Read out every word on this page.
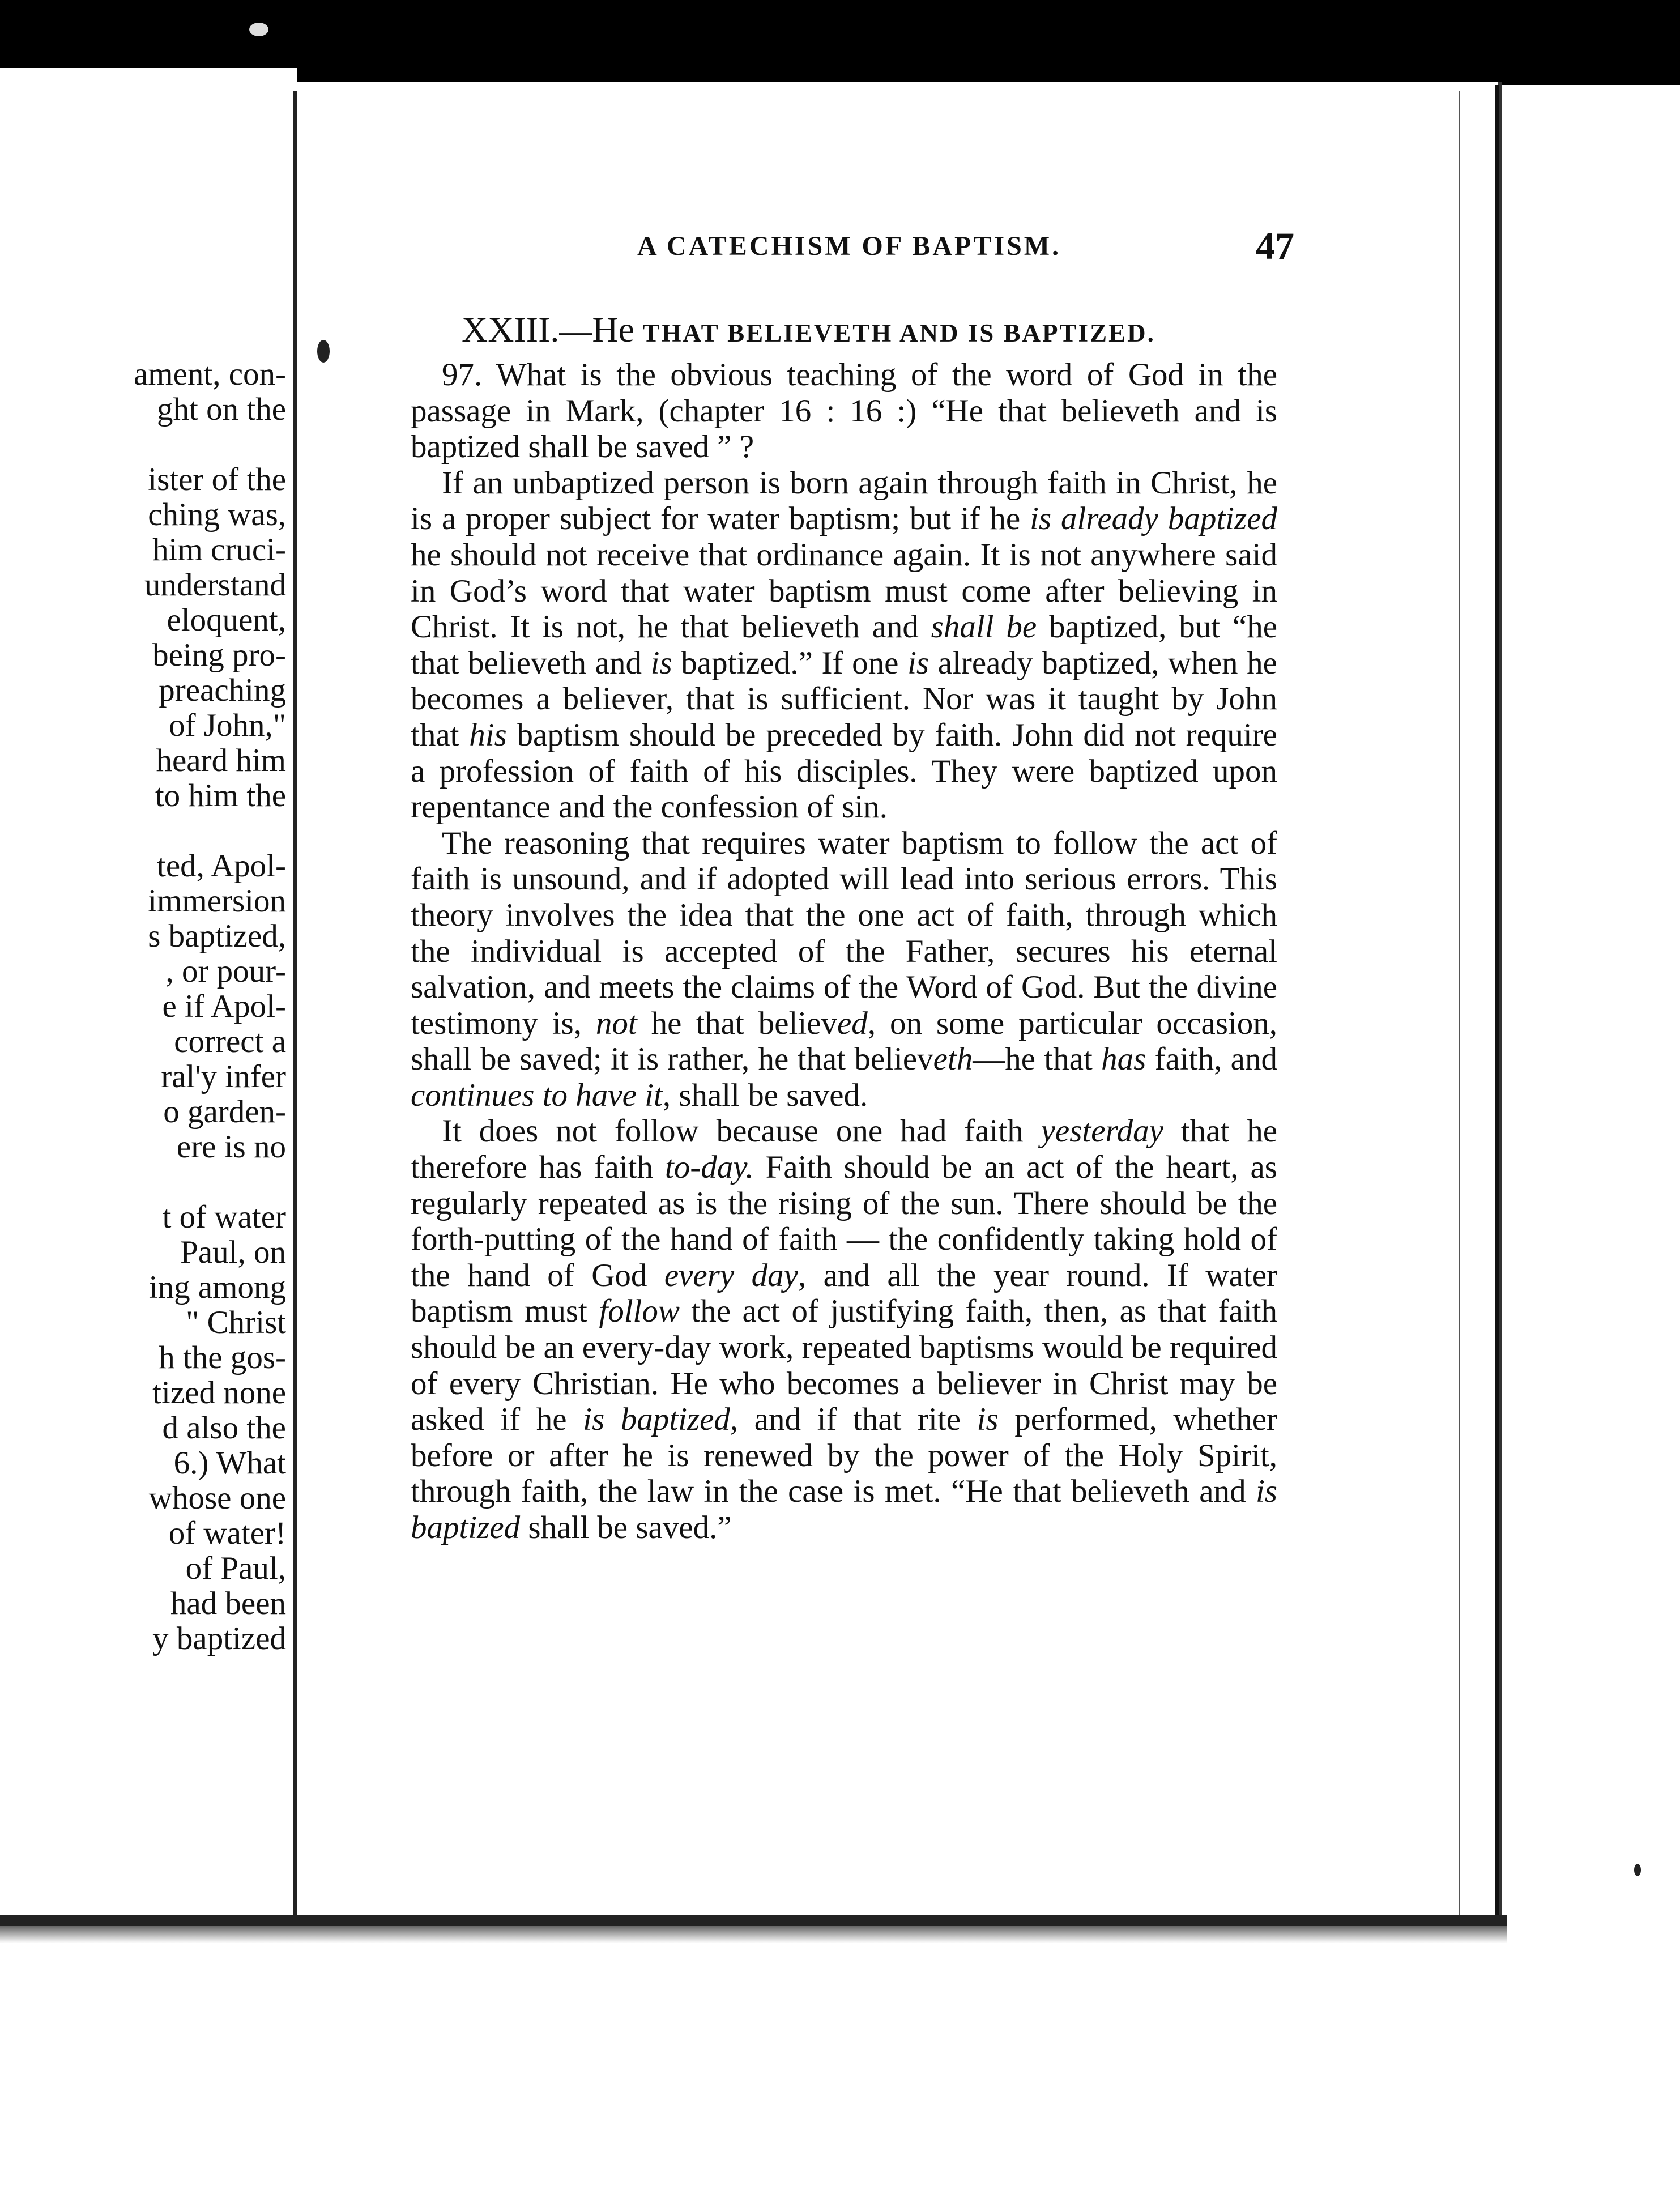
ament, con-
ght on the
ister of the
ching was,
him cruci-
understand
eloquent,
being pro-
preaching
of John,"
heard him
to him the
ted, Apol-
immersion
s baptized,
, or pour-
e if Apol-
correct a
ral'y infer
o garden-
ere is no
t of water
Paul, on
ing among
" Christ
h the gos-
tized none
d also the
6.) What
whose one
of water!
of Paul,
had been
y baptized
A CATECHISM OF BAPTISM.	47
XXIII.—He THAT BELIEVETH AND IS BAPTIZED.

97. What is the obvious teaching of the word of God in the passage in Mark, (chapter 16 : 16 :) “He that believeth and is baptized shall be saved ” ?

If an unbaptized person is born again through faith in Christ, he is a proper subject for water baptism; but if he is already baptized he should not receive that ordinance again. It is not anywhere said in God’s word that water baptism must come after believing in Christ. It is not, he that believeth and shall be baptized, but “he that believeth and is baptized.” If one is already baptized, when he becomes a believer, that is sufficient. Nor was it taught by John that his baptism should be preceded by faith. John did not require a profession of faith of his disciples. They were baptized upon repentance and the confession of sin.

The reasoning that requires water baptism to follow the act of faith is unsound, and if adopted will lead into serious errors. This theory involves the idea that the one act of faith, through which the individual is accepted of the Father, secures his eternal salvation, and meets the claims of the Word of God. But the divine testimony is, not he that believed, on some particular occasion, shall be saved; it is rather, he that believeth—he that has faith, and continues to have it, shall be saved.

It does not follow because one had faith yesterday that he therefore has faith to-day. Faith should be an act of the heart, as regularly repeated as is the rising of the sun. There should be the forth-putting of the hand of faith — the confidently taking hold of the hand of God every day, and all the year round. If water baptism must follow the act of justifying faith, then, as that faith should be an every-day work, repeated baptisms would be required of every Christian. He who becomes a believer in Christ may be asked if he is baptized, and if that rite is performed, whether before or after he is renewed by the power of the Holy Spirit, through faith, the law in the case is met. “He that believeth and is baptized shall be saved.”
